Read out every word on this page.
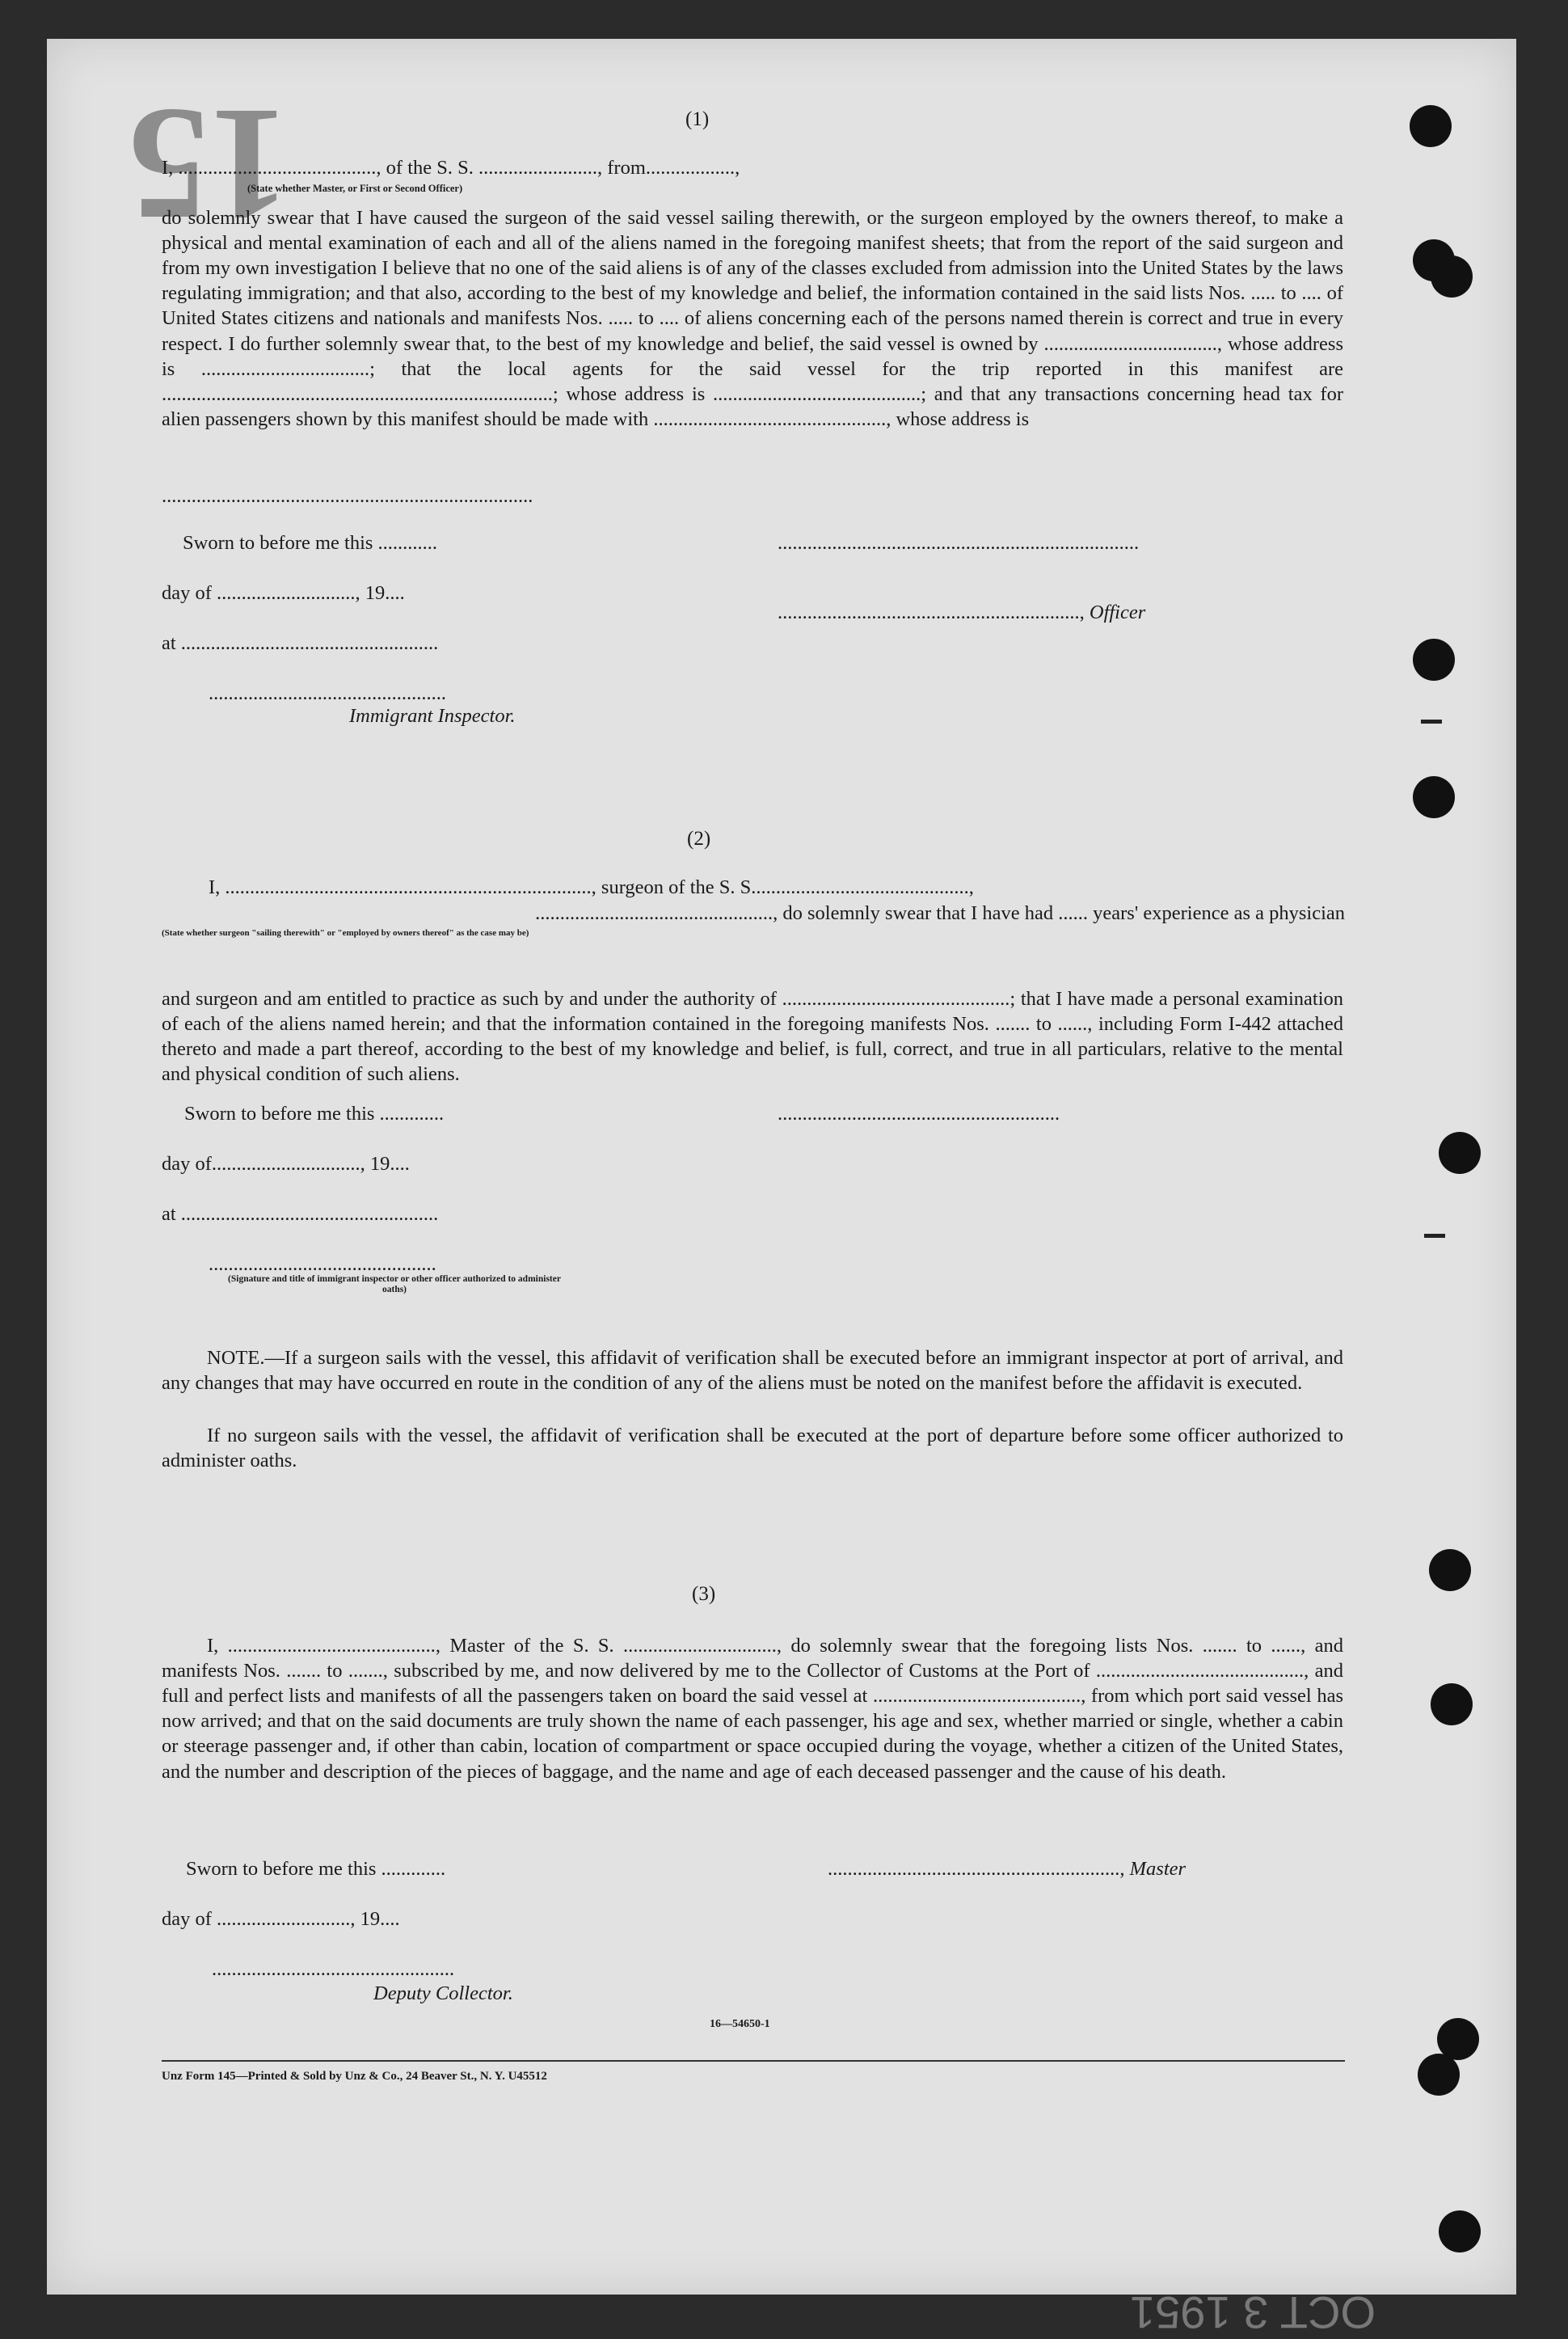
15
OCT 3 1951
(1)
I, ........................................, of the S. S. ........................, from..................,
(State whether Master, or First or Second Officer)
do solemnly swear that I have caused the surgeon of the said vessel sailing therewith, or the surgeon employed by the owners thereof, to make a physical and mental examination of each and all of the aliens named in the foregoing manifest sheets; that from the report of the said surgeon and from my own investigation I believe that no one of the said aliens is of any of the classes excluded from admission into the United States by the laws regulating immigration; and that also, according to the best of my knowledge and belief, the information contained in the said lists Nos. ..... to .... of United States citizens and nationals and manifests Nos. ..... to .... of aliens concerning each of the persons named therein is correct and true in every respect. I do further solemnly swear that, to the best of my knowledge and belief, the said vessel is owned by ..................................., whose address is ..................................; that the local agents for the said vessel for the trip reported in this manifest are ...............................................................................; whose address is ..........................................; and that any transactions concerning head tax for alien passengers shown by this manifest should be made with ..............................................., whose address is
...........................................................................
Sworn to before me this ............	.........................................................................
day of ............................, 19....
............................................................., Officer
at ....................................................
................................................
Immigrant Inspector.
(2)
I, .........................................................................., surgeon of the S. S............................................,
................................................, do solemnly swear that I have had ...... years' experience as a physician
(State whether surgeon "sailing therewith" or "employed by owners thereof" as the case may be)
and surgeon and am entitled to practice as such by and under the authority of ..............................................; that I have made a personal examination of each of the aliens named herein; and that the information contained in the foregoing manifests Nos. ....... to ......, including Form I-442 attached thereto and made a part thereof, according to the best of my knowledge and belief, is full, correct, and true in all particulars, relative to the mental and physical condition of such aliens.
Sworn to before me this .............	.........................................................
day of.............................., 19....
at ....................................................
..............................................
(Signature and title of immigrant inspector or other officer authorized to administer oaths)
NOTE.—If a surgeon sails with the vessel, this affidavit of verification shall be executed before an immigrant inspector at port of arrival, and any changes that may have occurred en route in the condition of any of the aliens must be noted on the manifest before the affidavit is executed.
If no surgeon sails with the vessel, the affidavit of verification shall be executed at the port of departure before some officer authorized to administer oaths.
(3)
I, .........................................., Master of the S. S. ..............................., do solemnly swear that the foregoing lists Nos. ....... to ......, and manifests Nos. ....... to ......., subscribed by me, and now delivered by me to the Collector of Customs at the Port of .........................................., and full and perfect lists and manifests of all the passengers taken on board the said vessel at .........................................., from which port said vessel has now arrived; and that on the said documents are truly shown the name of each passenger, his age and sex, whether married or single, whether a cabin or steerage passenger and, if other than cabin, location of compartment or space occupied during the voyage, whether a citizen of the United States, and the number and description of the pieces of baggage, and the name and age of each deceased passenger and the cause of his death.
Sworn to before me this .............	..........................................................., Master
day of ..........................., 19....
.................................................
Deputy Collector.
16—54650-1
Unz Form 145—Printed & Sold by Unz & Co., 24 Beaver St., N. Y. U45512
